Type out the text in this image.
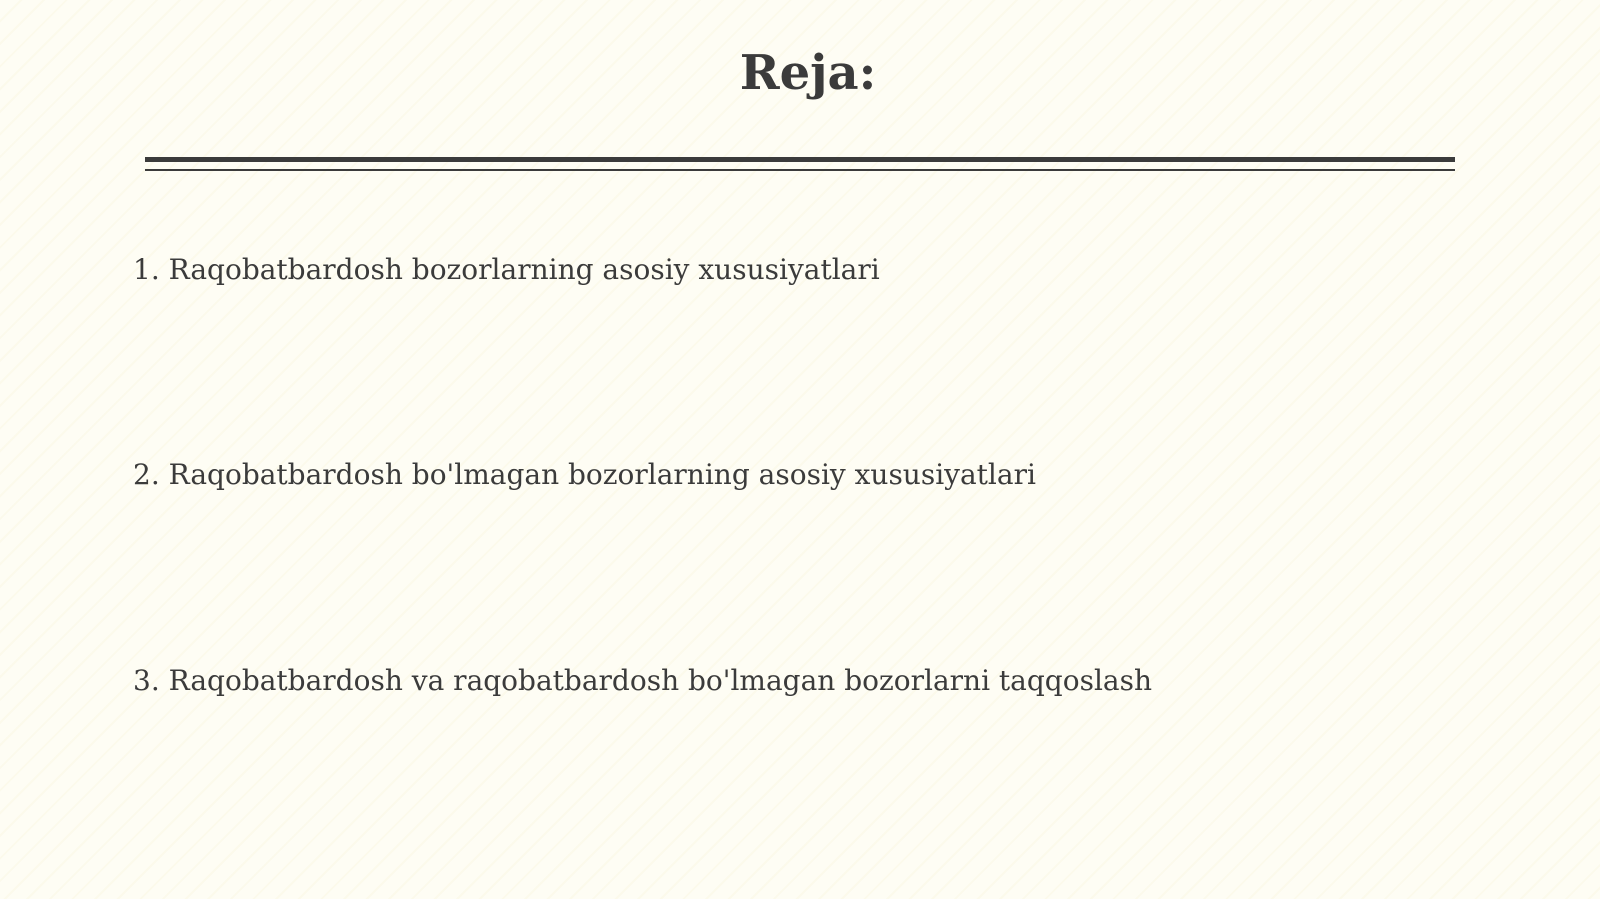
Reja:

1. Raqobatbardosh bozorlarning asosiy xususiyatlari

2. Raqobatbardosh bo'lmagan bozorlarning asosiy xususiyatlari

3. Raqobatbardosh va raqobatbardosh bo'lmagan bozorlarni taqqoslash
